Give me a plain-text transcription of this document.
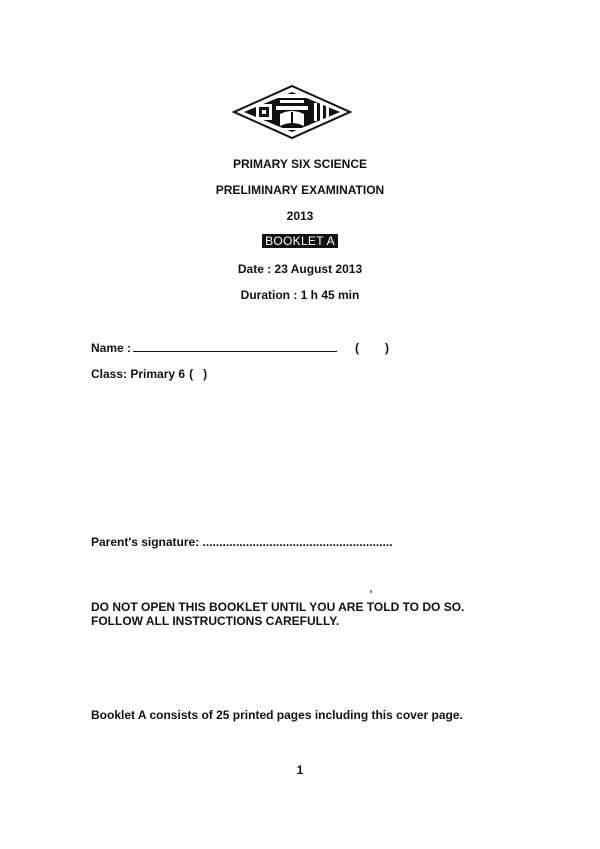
PRIMARY SIX SCIENCE
PRELIMINARY EXAMINATION
2013
BOOKLET A
Date : 23 August 2013
Duration : 1 h 45 min
Name :	( )
Class: Primary 6 ( )
Parent's signature: .........................................................
DO NOT OPEN THIS BOOKLET UNTIL YOU ARE TOLD TO DO SO.
FOLLOW ALL INSTRUCTIONS CAREFULLY.
Booklet A consists of 25 printed pages including this cover page.
1
